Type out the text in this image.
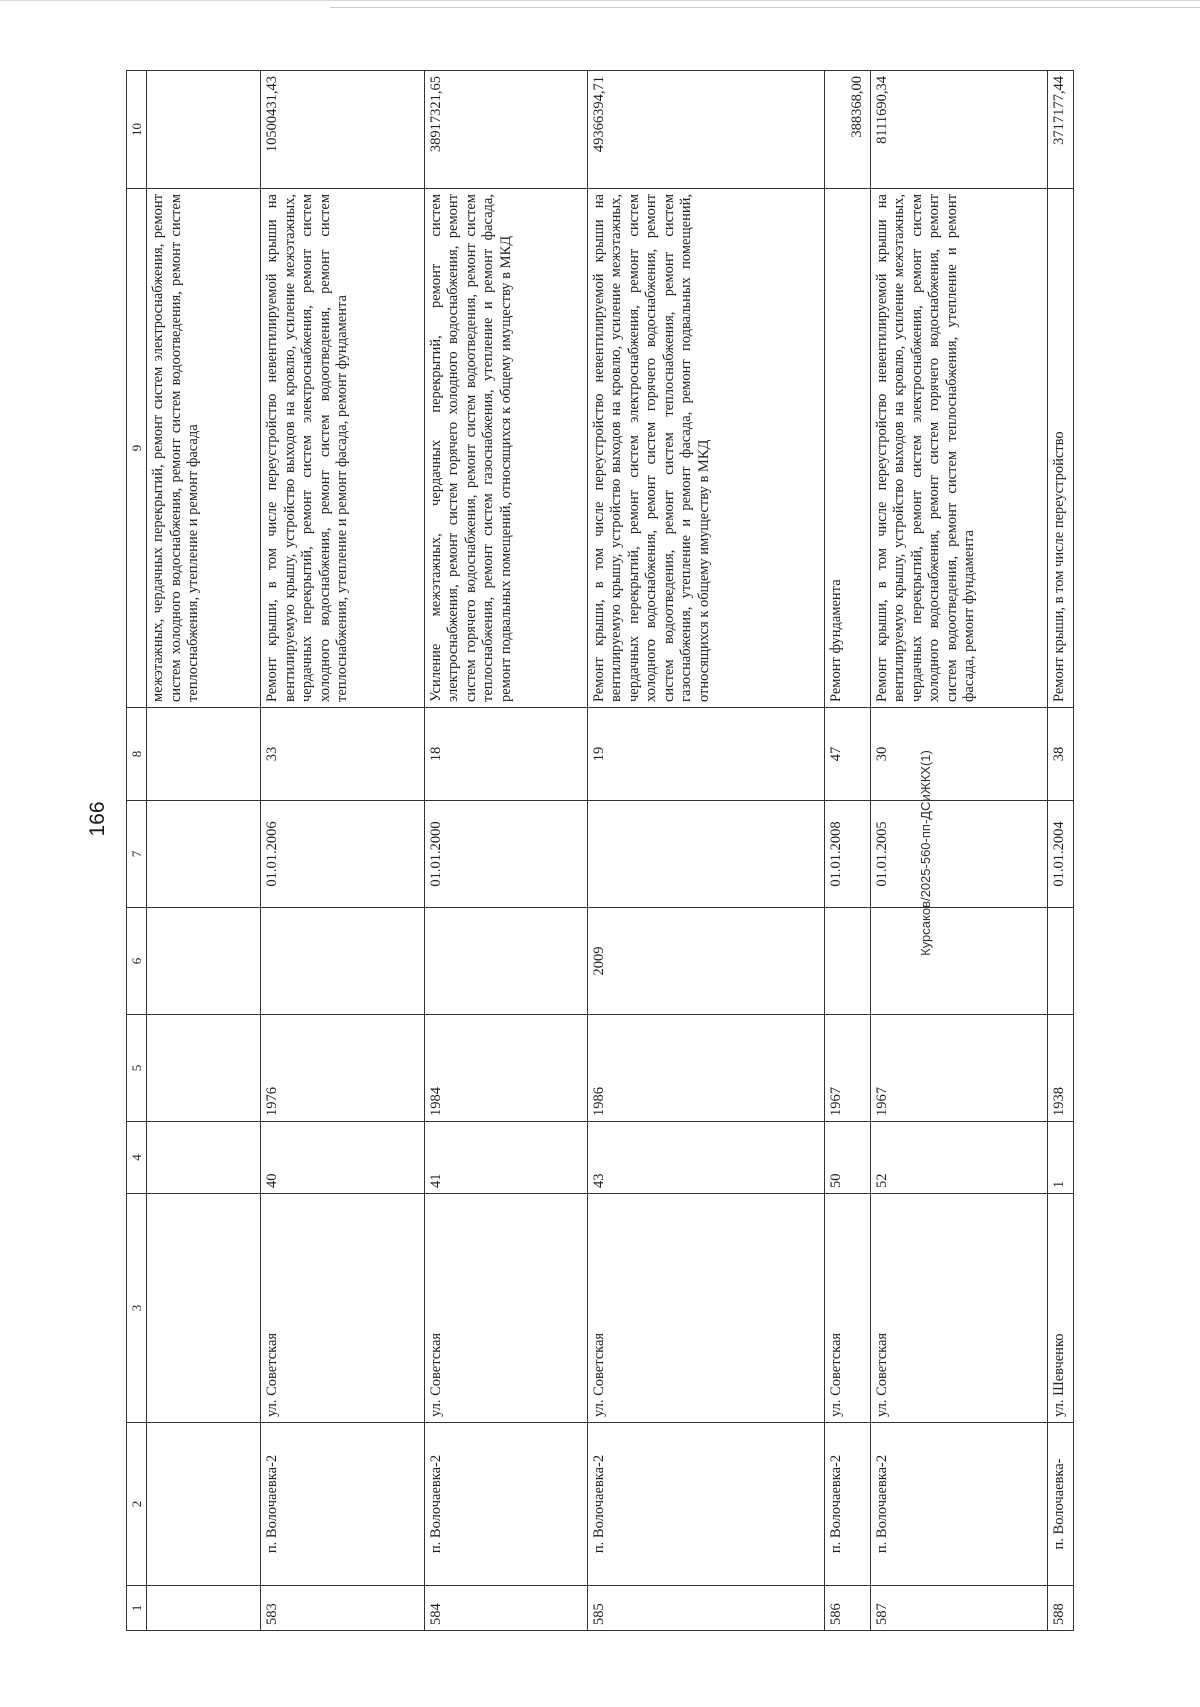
166
1	2	3	4	5	6	7	8	9	10
								межэтажных, чердачных перекрытий, ремонт систем электроснабжения, ремонт систем холодного водоснабжения, ремонт систем водоотведения, ремонт систем теплоснабжения, утепление и ремонт фасада	
583	п. Волочаевка-2	ул. Советская	40	1976		01.01.2006	33	Ремонт крыши, в том числе переустройство невентилируемой крыши на вентилируемую крышу, устройство выходов на кровлю, усиление межэтажных, чердачных перекрытий, ремонт систем электроснабжения, ремонт систем холодного водоснабжения, ремонт систем водоотведения, ремонт систем теплоснабжения, утепление и ремонт фасада, ремонт фундамента	10500431,43
584	п. Волочаевка-2	ул. Советская	41	1984		01.01.2000	18	Усиление межэтажных, чердачных перекрытий, ремонт систем электроснабжения, ремонт систем горячего холодного водоснабжения, ремонт систем горячего водоснабжения, ремонт систем водоотведения, ремонт систем теплоснабжения, ремонт систем газоснабжения, утепление и ремонт фасада, ремонт подвальных помещений, относящихся к общему имуществу в МКД	38917321,65
585	п. Волочаевка-2	ул. Советская	43	1986	2009		19	Ремонт крыши, в том числе переустройство невентилируемой крыши на вентилируемую крышу, устройство выходов на кровлю, усиление межэтажных, чердачных перекрытий, ремонт систем электроснабжения, ремонт систем холодного водоснабжения, ремонт систем горячего водоснабжения, ремонт систем водоотведения, ремонт систем теплоснабжения, ремонт систем газоснабжения, утепление и ремонт фасада, ремонт подвальных помещений, относящихся к общему имуществу в МКД	49366394,71
586	п. Волочаевка-2	ул. Советская	50	1967		01.01.2008	47	Ремонт фундамента	388368,00
587	п. Волочаевка-2	ул. Советская	52	1967		01.01.2005	30	Ремонт крыши, в том числе переустройство невентилируемой крыши на вентилируемую крышу, устройство выходов на кровлю, усиление межэтажных, чердачных перекрытий, ремонт систем электроснабжения, ремонт систем холодного водоснабжения, ремонт систем горячего водоснабжения, ремонт систем водоотведения, ремонт систем теплоснабжения, утепление и ремонт фасада, ремонт фундамента	8111690,34
588	п. Волочаевка-	ул. Шевченко	1	1938		01.01.2004	38	Ремонт крыши, в том числе переустройство	3717177,44
Курсаков/2025-560-пп-ДСиЖКХ(1)
